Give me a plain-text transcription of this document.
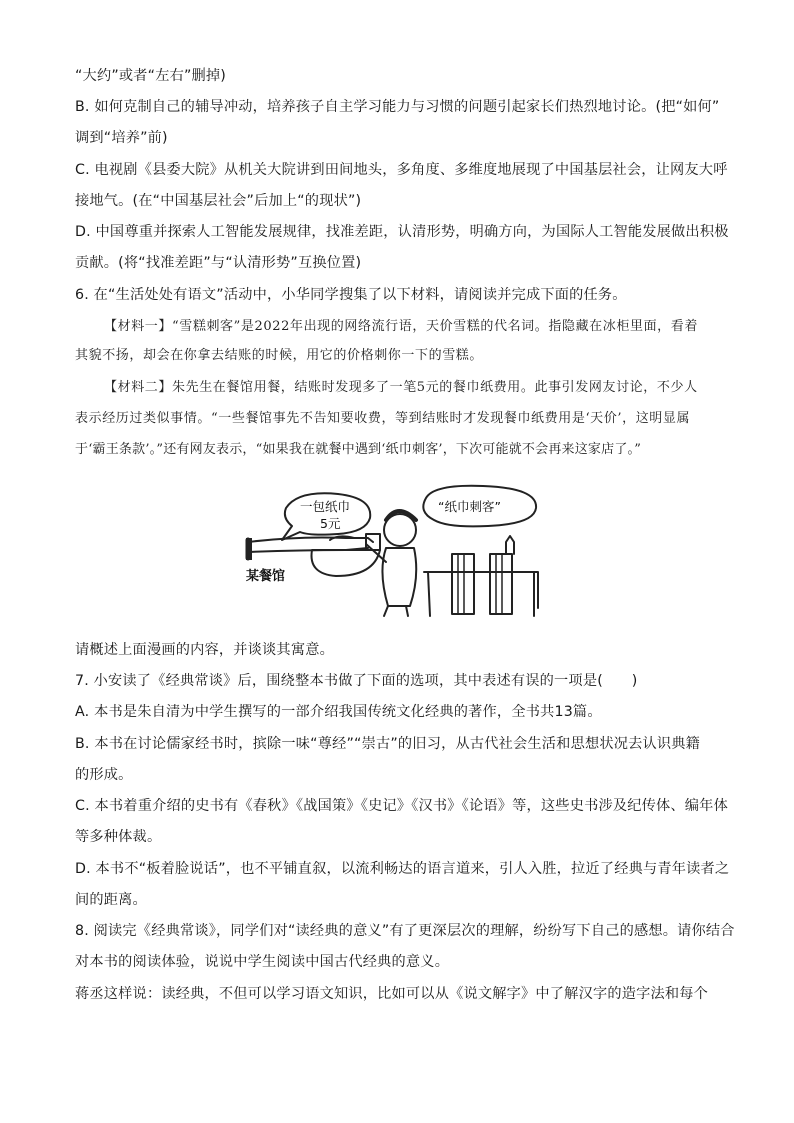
“大约”或者“左右”删掉)
B. 如何克制自己的辅导冲动，培养孩子自主学习能力与习惯的问题引起家长们热烈地讨论。(把“如何”
调到“培养”前)
C. 电视剧《县委大院》从机关大院讲到田间地头，多角度、多维度地展现了中国基层社会，让网友大呼
接地气。(在“中国基层社会”后加上“的现状”)
D. 中国尊重并探索人工智能发展规律，找准差距，认清形势，明确方向，为国际人工智能发展做出积极
贡献。(将“找准差距”与“认清形势”互换位置)
6. 在“生活处处有语文”活动中，小华同学搜集了以下材料，请阅读并完成下面的任务。
【材料一】“雪糕刺客”是2022年出现的网络流行语，天价雪糕的代名词。指隐藏在冰柜里面，看着
其貌不扬，却会在你拿去结账的时候，用它的价格刺你一下的雪糕。
【材料二】朱先生在餐馆用餐，结账时发现多了一笔5元的餐巾纸费用。此事引发网友讨论，不少人
表示经历过类似事情。“一些餐馆事先不告知要收费，等到结账时才发现餐巾纸费用是‘天价’，这明显属
于‘霸王条款’。”还有网友表示，“如果我在就餐中遇到‘纸巾刺客’，下次可能就不会再来这家店了。”
一包纸巾
5元
“纸巾刺客”
某餐馆
请概述上面漫画的内容，并谈谈其寓意。
7. 小安读了《经典常谈》后，围绕整本书做了下面的选项，其中表述有误的一项是(　　)
A. 本书是朱自清为中学生撰写的一部介绍我国传统文化经典的著作，全书共13篇。
B. 本书在讨论儒家经书时，摈除一味“尊经”“崇古”的旧习，从古代社会生活和思想状况去认识典籍
的形成。
C. 本书着重介绍的史书有《春秋》《战国策》《史记》《汉书》《论语》等，这些史书涉及纪传体、编年体
等多种体裁。
D. 本书不“板着脸说话”，也不平铺直叙，以流利畅达的语言道来，引人入胜，拉近了经典与青年读者之
间的距离。
8. 阅读完《经典常谈》，同学们对“读经典的意义”有了更深层次的理解，纷纷写下自己的感想。请你结合
对本书的阅读体验，说说中学生阅读中国古代经典的意义。
蒋丞这样说：读经典，不但可以学习语文知识，比如可以从《说文解字》中了解汉字的造字法和每个
